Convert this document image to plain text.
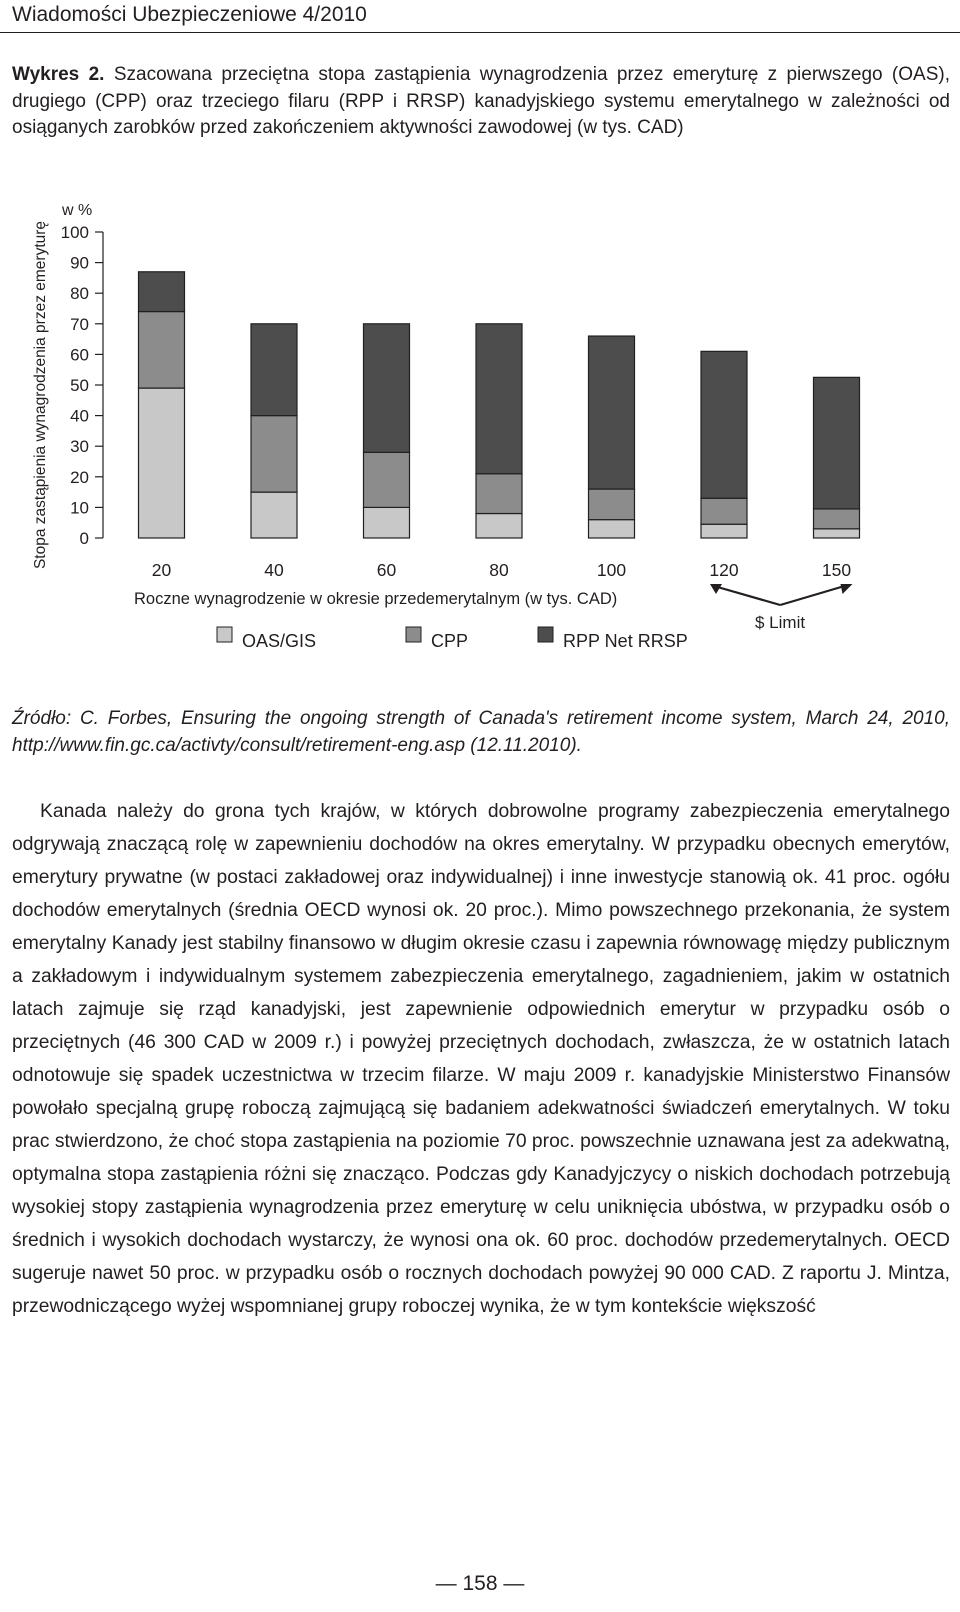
Wiadomości Ubezpieczeniowe 4/2010
Wykres 2. Szacowana przeciętna stopa zastąpienia wynagrodzenia przez emeryturę z pierwszego (OAS), drugiego (CPP) oraz trzeciego filaru (RPP i RRSP) kanadyjskiego systemu emerytalnego w zależności od osiąganych zarobków przed zakończeniem aktywności zawodowej (w tys. CAD)
Stopa zastąpienia wynagrodzenia przez emeryturę
w %
0
10
20
30
40
50
60
70
80
90
100
20	40	60	80	100	120	150
Roczne wynagrodzenie w okresie przedemerytalnym (w tys. CAD)
$ Limit
OAS/GIS	CPP	RPP Net RRSP
Źródło: C. Forbes, Ensuring the ongoing strength of Canada's retirement income system, March 24, 2010, http://www.fin.gc.ca/activty/consult/retirement-eng.asp (12.11.2010).

Kanada należy do grona tych krajów, w których dobrowolne programy zabezpieczenia emerytalnego odgrywają znaczącą rolę w zapewnieniu dochodów na okres emerytalny. W przypadku obecnych emerytów, emerytury prywatne (w postaci zakładowej oraz indywidualnej) i inne inwestycje stanowią ok. 41 proc. ogółu dochodów emerytalnych (średnia OECD wynosi ok. 20 proc.). Mimo powszechnego przekonania, że system emerytalny Kanady jest stabilny finansowo w długim okresie czasu i zapewnia równowagę między publicznym a zakładowym i indywidualnym systemem zabezpieczenia emerytalnego, zagadnieniem, jakim w ostatnich latach zajmuje się rząd kanadyjski, jest zapewnienie odpowiednich emerytur w przypadku osób o przeciętnych (46 300 CAD w 2009 r.) i powyżej przeciętnych dochodach, zwłaszcza, że w ostatnich latach odnotowuje się spadek uczestnictwa w trzecim filarze. W maju 2009 r. kanadyjskie Ministerstwo Finansów powołało specjalną grupę roboczą zajmującą się badaniem adekwatności świadczeń emerytalnych. W toku prac stwierdzono, że choć stopa zastąpienia na poziomie 70 proc. powszechnie uznawana jest za adekwatną, optymalna stopa zastąpienia różni się znacząco. Podczas gdy Kanadyjczycy o niskich dochodach potrzebują wysokiej stopy zastąpienia wynagrodzenia przez emeryturę w celu uniknięcia ubóstwa, w przypadku osób o średnich i wysokich dochodach wystarczy, że wynosi ona ok. 60 proc. dochodów przedemerytalnych. OECD sugeruje nawet 50 proc. w przypadku osób o rocznych dochodach powyżej 90 000 CAD. Z raportu J. Mintza, przewodniczącego wyżej wspomnianej grupy roboczej wynika, że w tym kontekście większość

— 158 —
